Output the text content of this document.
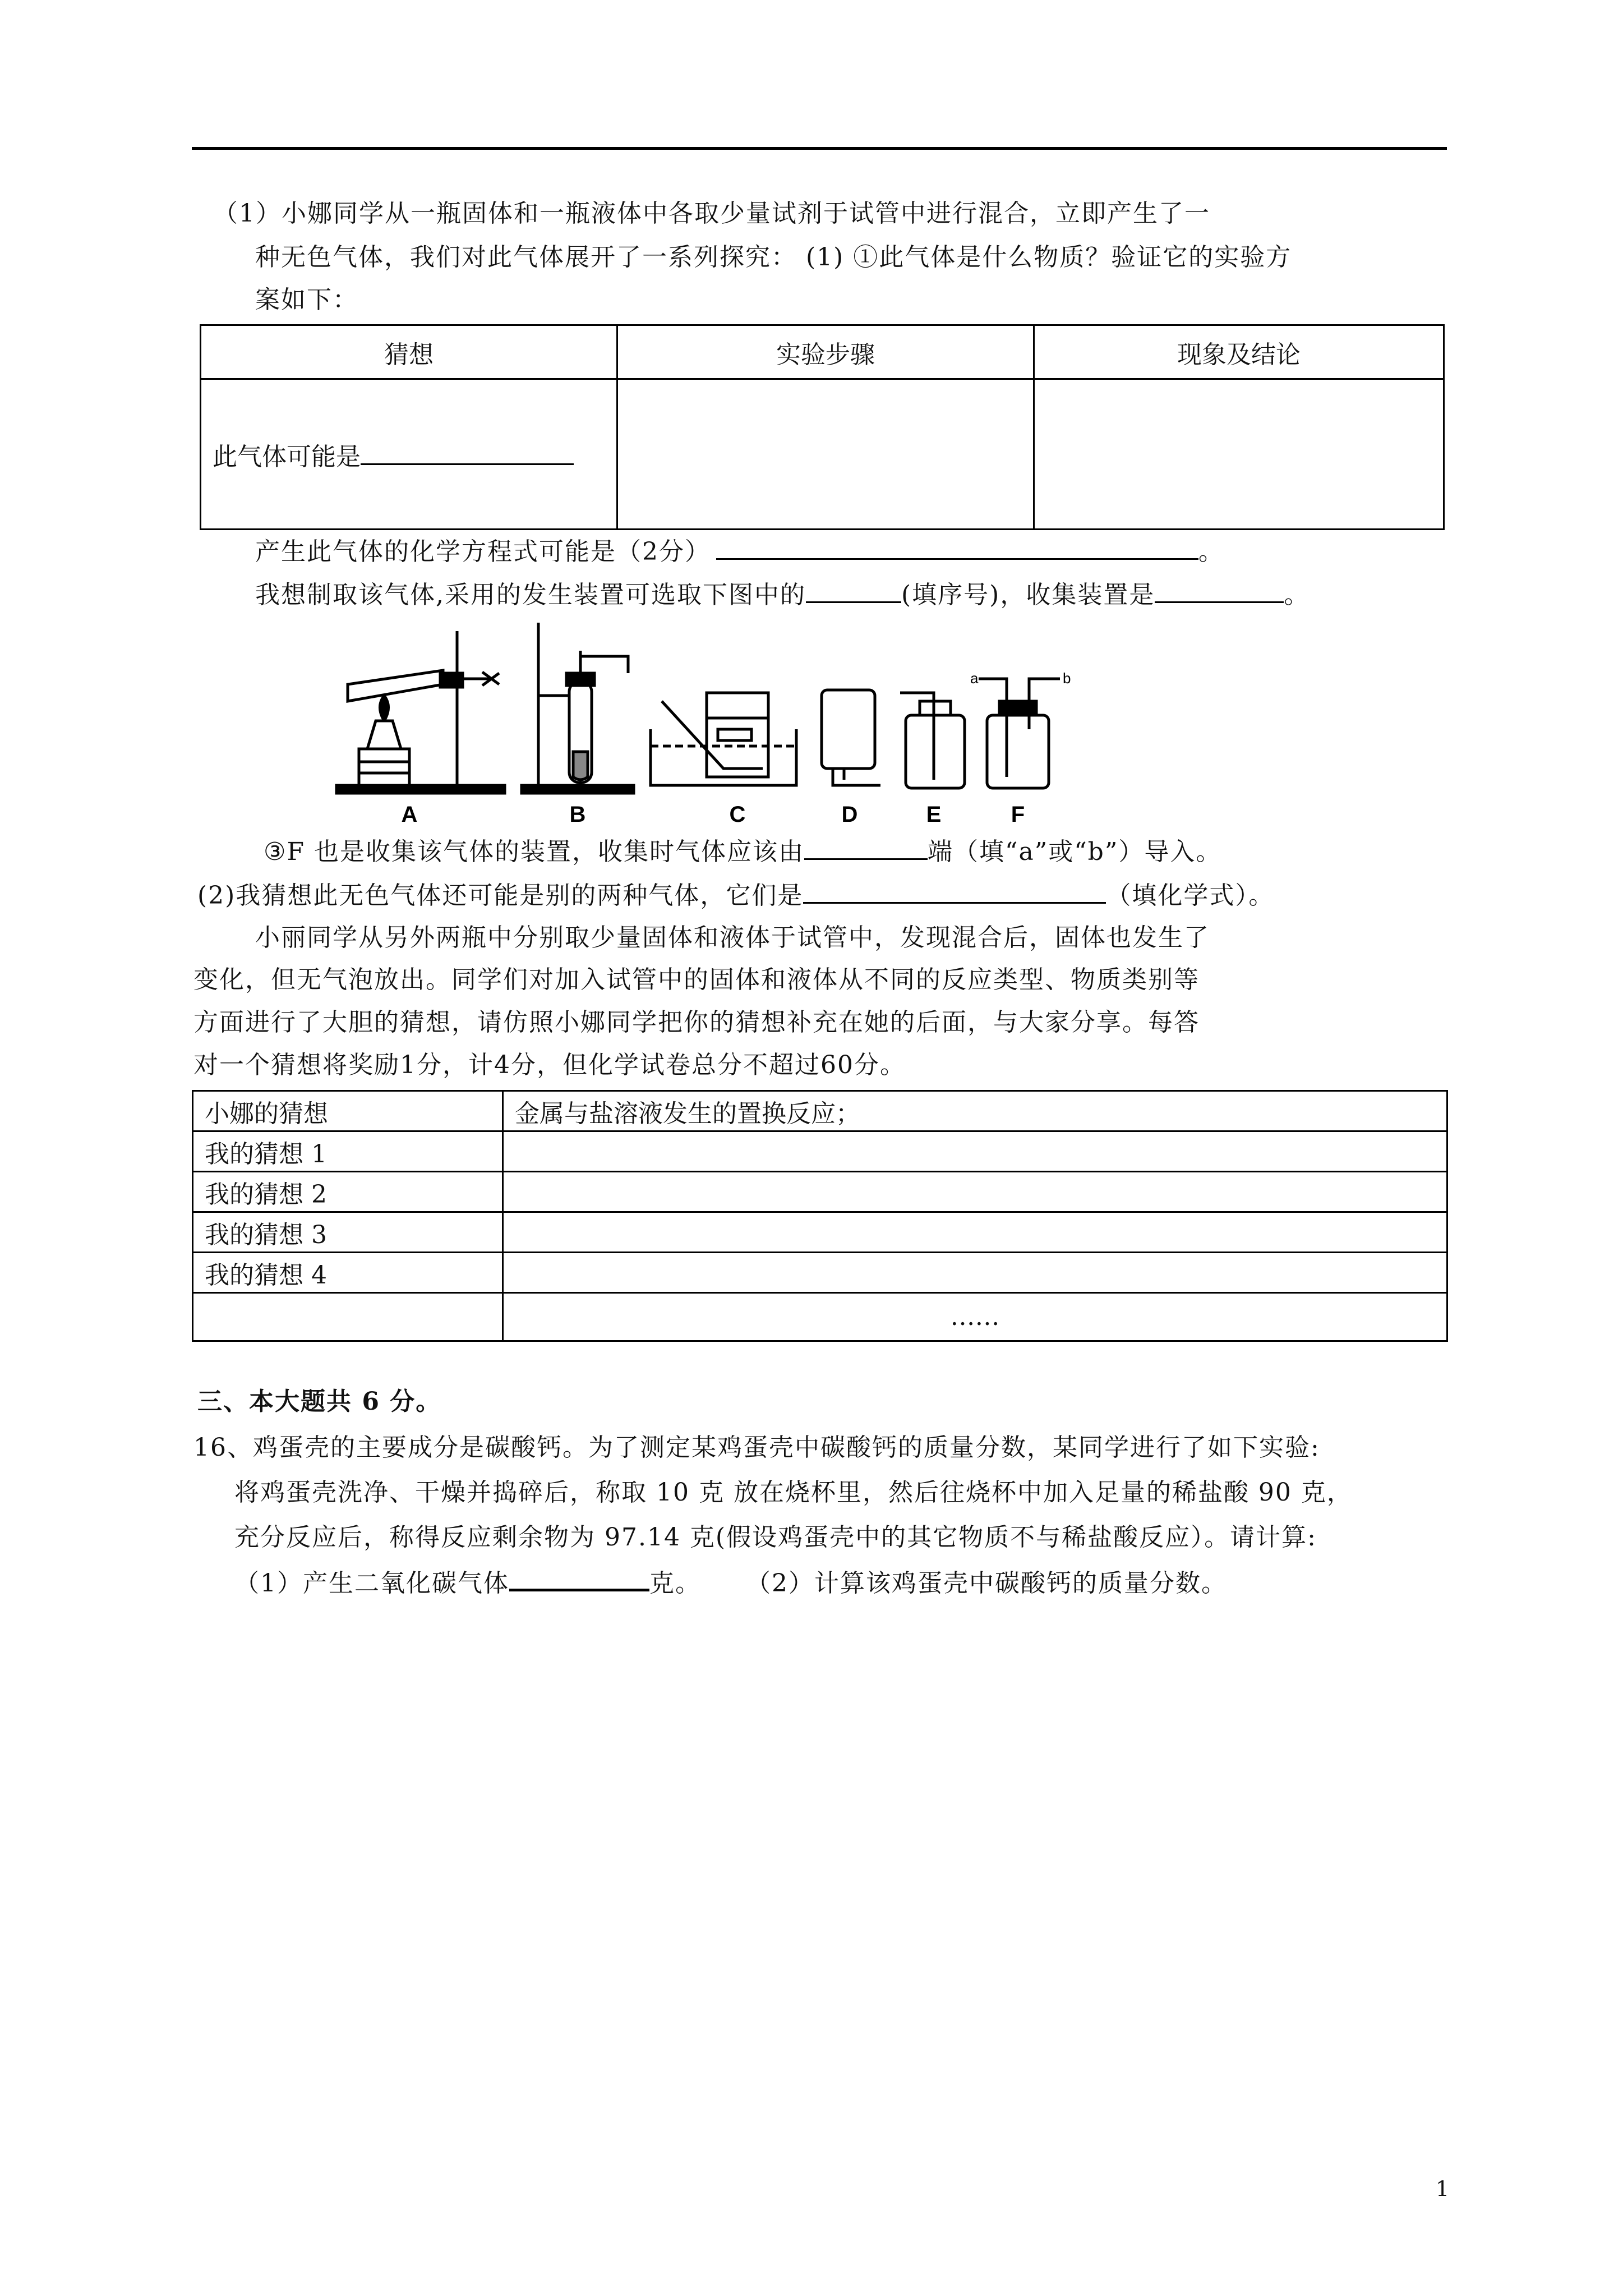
（1）小娜同学从一瓶固体和一瓶液体中各取少量试剂于试管中进行混合，立即产生了一
种无色气体，我们对此气体展开了一系列探究： (1) ①此气体是什么物质？验证它的实验方
案如下：
猜想	实验步骤	现象及结论
此气体可能是		
产生此气体的化学方程式可能是（2分）	。
我想制取该气体,采用的发生装置可选取下图中的	(填序号)，收集装置是	。
A	B	C	D	E	F
a	b
③F 也是收集该气体的装置，收集时气体应该由	端（填“a”或“b”）导入。
(2)我猜想此无色气体还可能是别的两种气体，它们是	（填化学式）。
小丽同学从另外两瓶中分别取少量固体和液体于试管中，发现混合后，固体也发生了
变化，但无气泡放出。同学们对加入试管中的固体和液体从不同的反应类型、物质类别等
方面进行了大胆的猜想，请仿照小娜同学把你的猜想补充在她的后面，与大家分享。每答
对一个猜想将奖励1分，计4分，但化学试卷总分不超过60分。
小娜的猜想	金属与盐溶液发生的置换反应；
我的猜想 1	
我的猜想 2	
我的猜想 3	
我的猜想 4	
	……
三、本大题共 6 分。
16、鸡蛋壳的主要成分是碳酸钙。为了测定某鸡蛋壳中碳酸钙的质量分数，某同学进行了如下实验:
将鸡蛋壳洗净、干燥并捣碎后，称取 10 克 放在烧杯里，然后往烧杯中加入足量的稀盐酸 90 克，
充分反应后，称得反应剩余物为 97.14 克(假设鸡蛋壳中的其它物质不与稀盐酸反应）。请计算:
（1）产生二氧化碳气体	克。 （2）计算该鸡蛋壳中碳酸钙的质量分数。
1
